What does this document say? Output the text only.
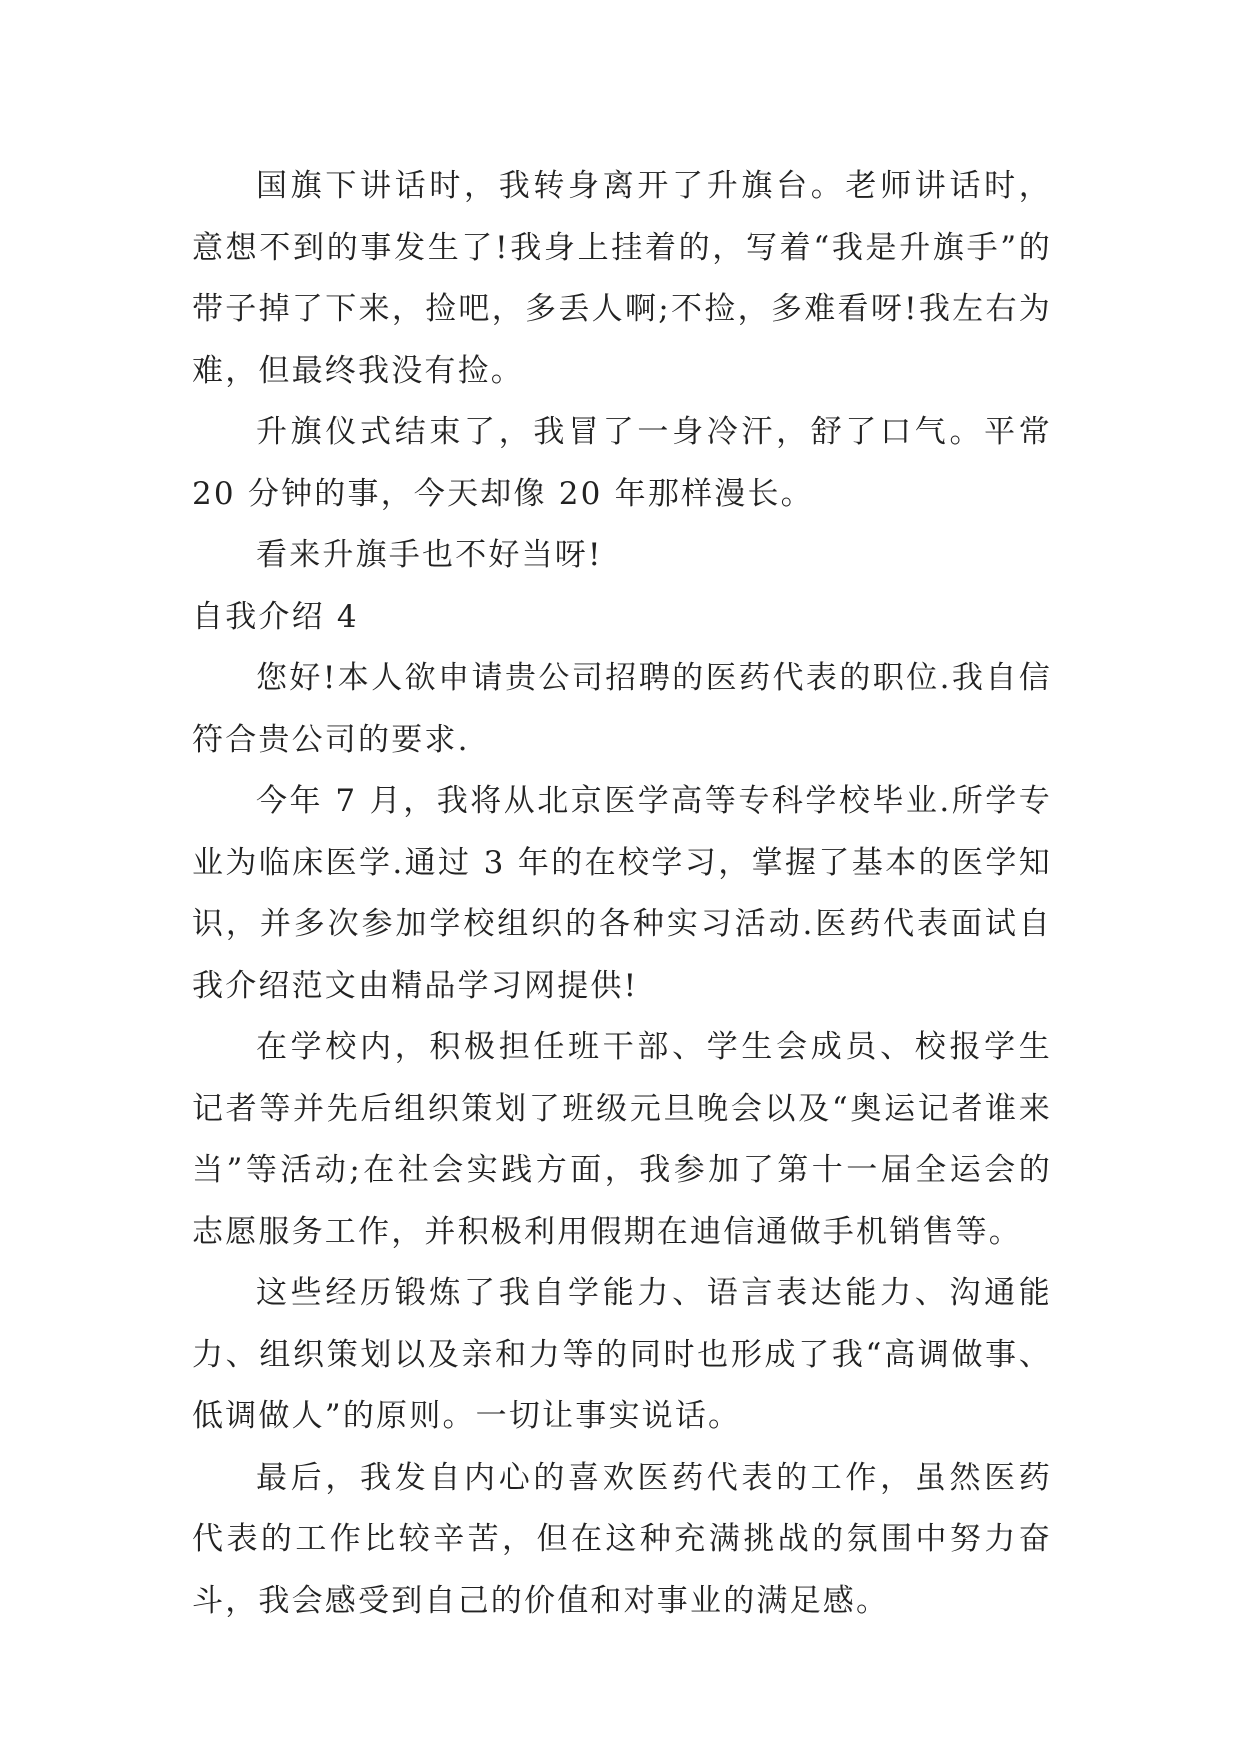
国旗下讲话时，我转身离开了升旗台。老师讲话时，意想不到的事发生了!我身上挂着的，写着“我是升旗手”的带子掉了下来，捡吧，多丢人啊;不捡，多难看呀!我左右为难，但最终我没有捡。

升旗仪式结束了，我冒了一身冷汗，舒了口气。平常 20 分钟的事，今天却像 20 年那样漫长。

看来升旗手也不好当呀!

自我介绍 4

您好!本人欲申请贵公司招聘的医药代表的职位.我自信符合贵公司的要求.

今年 7 月，我将从北京医学高等专科学校毕业.所学专业为临床医学.通过 3 年的在校学习，掌握了基本的医学知识，并多次参加学校组织的各种实习活动.医药代表面试自我介绍范文由精品学习网提供!

在学校内，积极担任班干部、学生会成员、校报学生记者等并先后组织策划了班级元旦晚会以及“奥运记者谁来当”等活动;在社会实践方面，我参加了第十一届全运会的志愿服务工作，并积极利用假期在迪信通做手机销售等。

这些经历锻炼了我自学能力、语言表达能力、沟通能力、组织策划以及亲和力等的同时也形成了我“高调做事、低调做人”的原则。一切让事实说话。

最后，我发自内心的喜欢医药代表的工作，虽然医药代表的工作比较辛苦，但在这种充满挑战的氛围中努力奋斗，我会感受到自己的价值和对事业的满足感。
